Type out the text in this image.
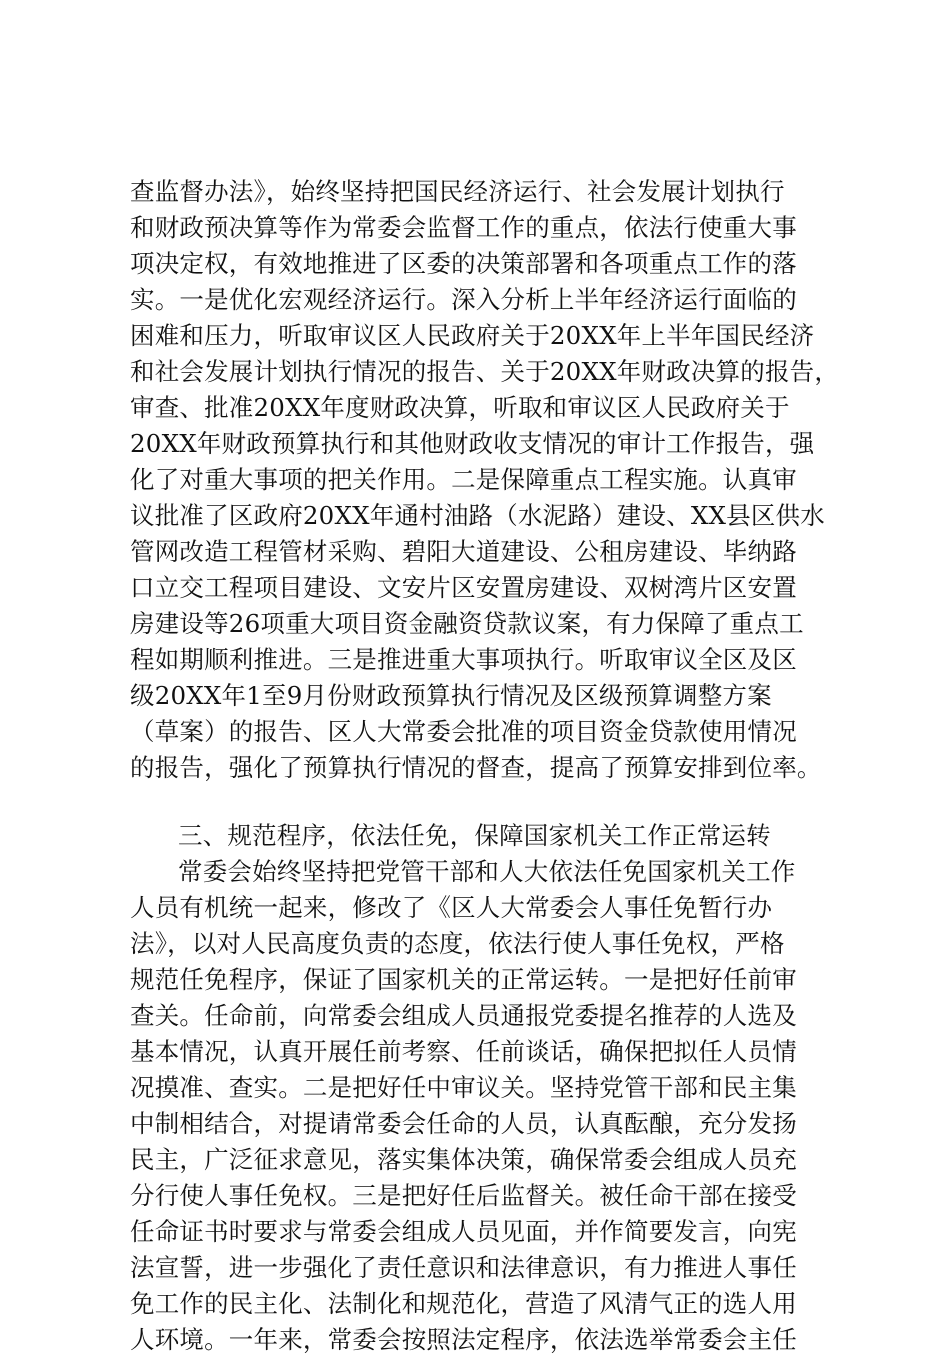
查监督办法》，始终坚持把国民经济运行、社会发展计划执行
和财政预决算等作为常委会监督工作的重点，依法行使重大事
项决定权，有效地推进了区委的决策部署和各项重点工作的落
实。一是优化宏观经济运行。深入分析上半年经济运行面临的
困难和压力，听取审议区人民政府关于20XX年上半年国民经济
和社会发展计划执行情况的报告、关于20XX年财政决算的报告，
审查、批准20XX年度财政决算，听取和审议区人民政府关于
20XX年财政预算执行和其他财政收支情况的审计工作报告，强
化了对重大事项的把关作用。二是保障重点工程实施。认真审
议批准了区政府20XX年通村油路（水泥路）建设、XX县区供水
管网改造工程管材采购、碧阳大道建设、公租房建设、毕纳路
口立交工程项目建设、文安片区安置房建设、双树湾片区安置
房建设等26项重大项目资金融资贷款议案，有力保障了重点工
程如期顺利推进。三是推进重大事项执行。听取审议全区及区
级20XX年1至9月份财政预算执行情况及区级预算调整方案
（草案）的报告、区人大常委会批准的项目资金贷款使用情况
的报告，强化了预算执行情况的督查，提高了预算安排到位率。
三、规范程序，依法任免，保障国家机关工作正常运转
常委会始终坚持把党管干部和人大依法任免国家机关工作
人员有机统一起来，修改了《区人大常委会人事任免暂行办
法》，以对人民高度负责的态度，依法行使人事任免权，严格
规范任免程序，保证了国家机关的正常运转。一是把好任前审
查关。任命前，向常委会组成人员通报党委提名推荐的人选及
基本情况，认真开展任前考察、任前谈话，确保把拟任人员情
况摸准、查实。二是把好任中审议关。坚持党管干部和民主集
中制相结合，对提请常委会任命的人员，认真酝酿，充分发扬
民主，广泛征求意见，落实集体决策，确保常委会组成人员充
分行使人事任免权。三是把好任后监督关。被任命干部在接受
任命证书时要求与常委会组成人员见面，并作简要发言，向宪
法宣誓，进一步强化了责任意识和法律意识，有力推进人事任
免工作的民主化、法制化和规范化，营造了风清气正的选人用
人环境。一年来，常委会按照法定程序，依法选举常委会主任
